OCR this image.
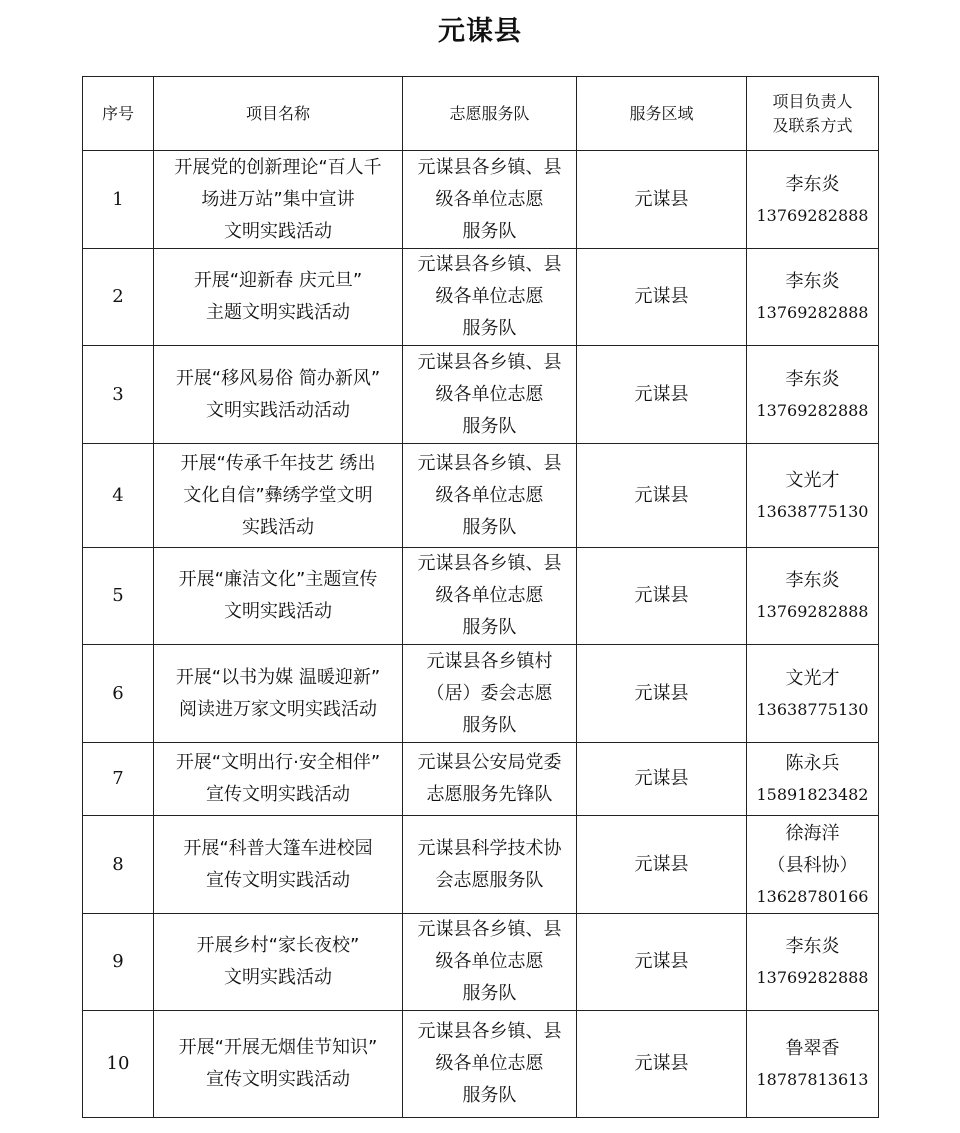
元谋县
序号	项目名称	志愿服务队	服务区域	项目负责人
及联系方式

1	开展党的创新理论“百人千
场进万站”集中宣讲
文明实践活动	元谋县各乡镇、县
级各单位志愿
服务队	元谋县	李东炎
13769282888

2	开展“迎新春 庆元旦”
主题文明实践活动	元谋县各乡镇、县
级各单位志愿
服务队	元谋县	李东炎
13769282888

3	开展“移风易俗 简办新风”
文明实践活动活动	元谋县各乡镇、县
级各单位志愿
服务队	元谋县	李东炎
13769282888

4	开展“传承千年技艺 绣出
文化自信”彝绣学堂文明
实践活动	元谋县各乡镇、县
级各单位志愿
服务队	元谋县	文光才
13638775130

5	开展“廉洁文化”主题宣传
文明实践活动	元谋县各乡镇、县
级各单位志愿
服务队	元谋县	李东炎
13769282888

6	开展“以书为媒 温暖迎新”
阅读进万家文明实践活动	元谋县各乡镇村
（居）委会志愿
服务队	元谋县	文光才
13638775130

7	开展“文明出行·安全相伴”
宣传文明实践活动	元谋县公安局党委
志愿服务先锋队	元谋县	陈永兵
15891823482

8	开展“科普大篷车进校园
宣传文明实践活动	元谋县科学技术协
会志愿服务队	元谋县	徐海洋
（县科协）
13628780166

9	开展乡村“家长夜校”
文明实践活动	元谋县各乡镇、县
级各单位志愿
服务队	元谋县	李东炎
13769282888

10	开展“开展无烟佳节知识”
宣传文明实践活动	元谋县各乡镇、县
级各单位志愿
服务队	元谋县	鲁翠香
18787813613
